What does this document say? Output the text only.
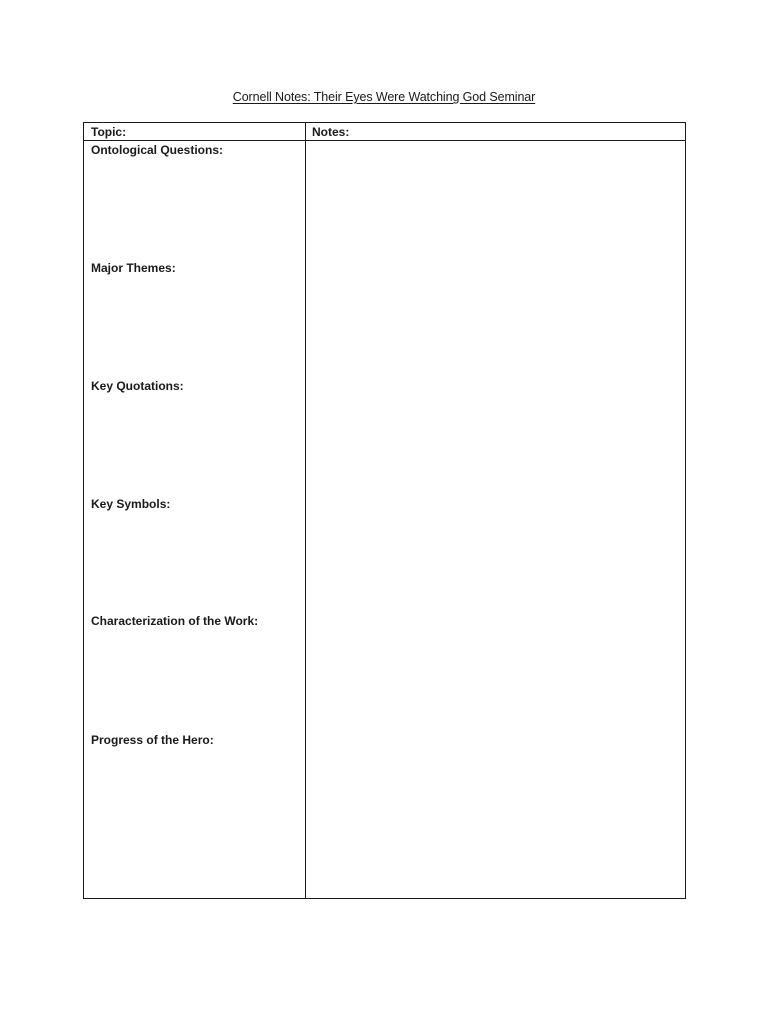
Cornell Notes: Their Eyes Were Watching God Seminar
Topic:	Notes:
Ontological Questions:
Major Themes:
Key Quotations:
Key Symbols:
Characterization of the Work:
Progress of the Hero:
